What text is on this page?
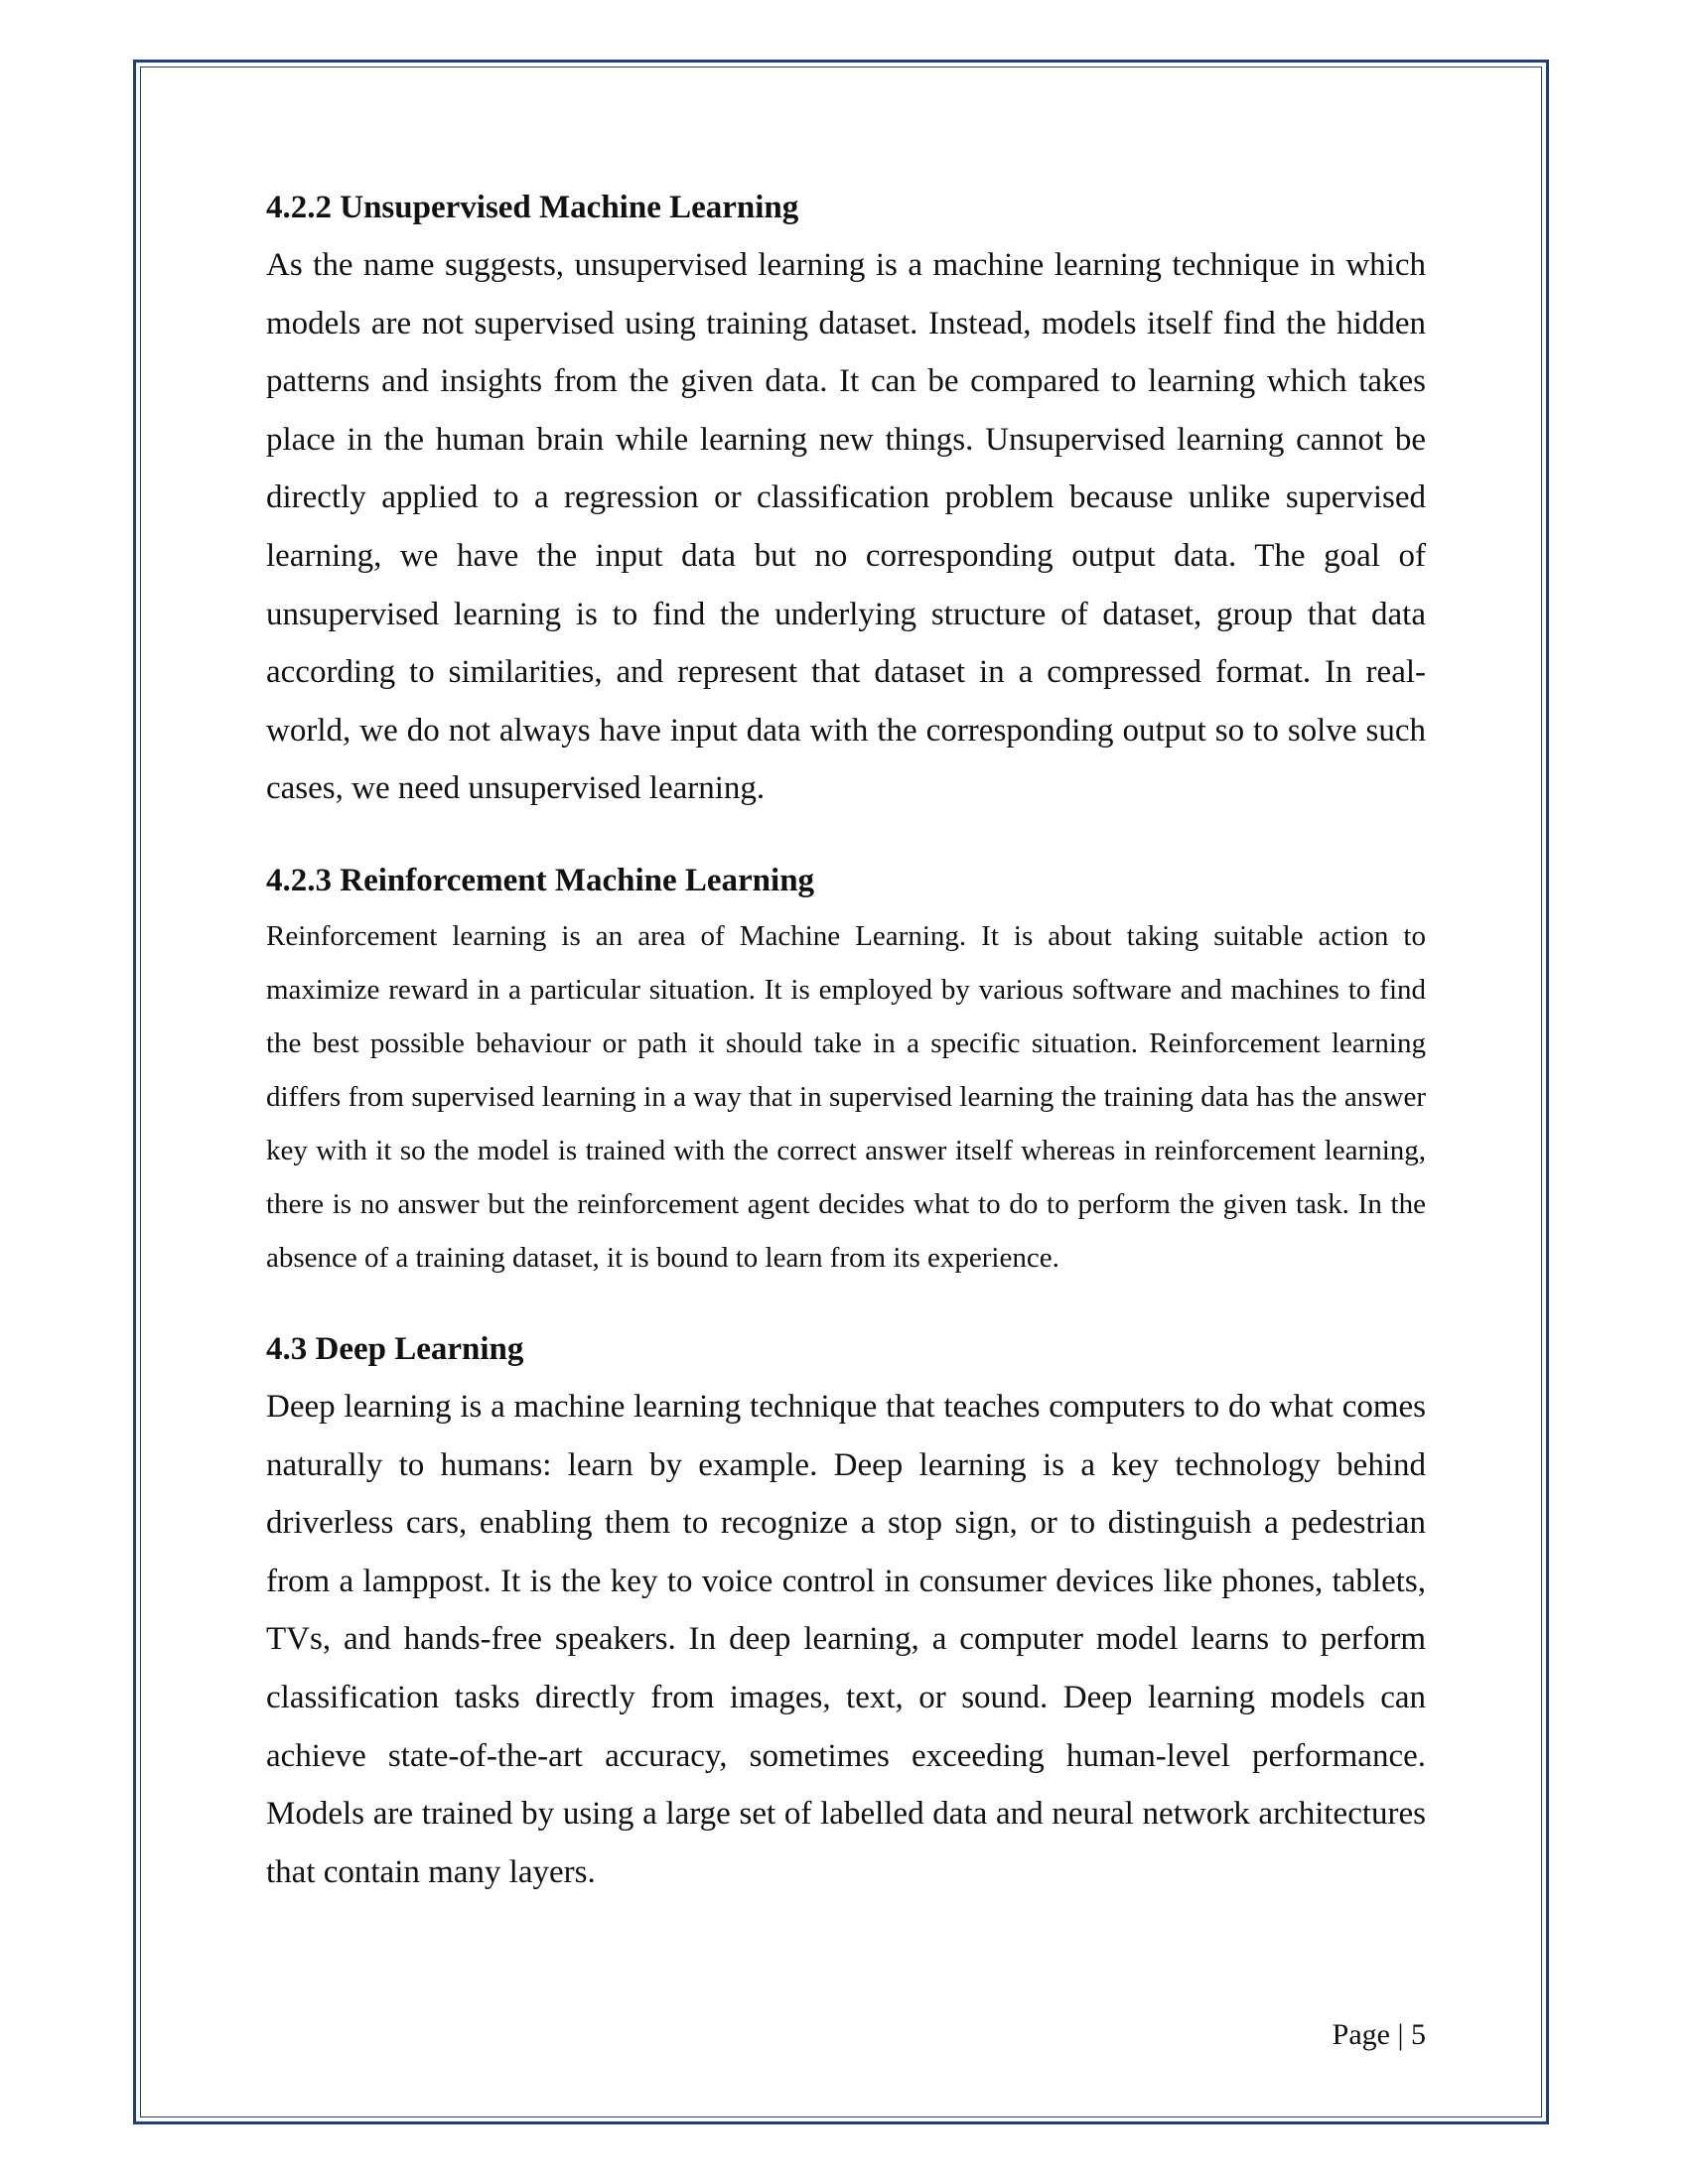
4.2.2 Unsupervised Machine Learning

As the name suggests, unsupervised learning is a machine learning technique in which models are not supervised using training dataset. Instead, models itself find the hidden patterns and insights from the given data. It can be compared to learning which takes place in the human brain while learning new things. Unsupervised learning cannot be directly applied to a regression or classification problem because unlike supervised learning, we have the input data but no corresponding output data. The goal of unsupervised learning is to find the underlying structure of dataset, group that data according to similarities, and represent that dataset in a compressed format. In real-world, we do not always have input data with the corresponding output so to solve such cases, we need unsupervised learning.

4.2.3 Reinforcement Machine Learning

Reinforcement learning is an area of Machine Learning. It is about taking suitable action to maximize reward in a particular situation. It is employed by various software and machines to find the best possible behaviour or path it should take in a specific situation. Reinforcement learning differs from supervised learning in a way that in supervised learning the training data has the answer key with it so the model is trained with the correct answer itself whereas in reinforcement learning, there is no answer but the reinforcement agent decides what to do to perform the given task. In the absence of a training dataset, it is bound to learn from its experience.

4.3 Deep Learning

Deep learning is a machine learning technique that teaches computers to do what comes naturally to humans: learn by example. Deep learning is a key technology behind driverless cars, enabling them to recognize a stop sign, or to distinguish a pedestrian from a lamppost. It is the key to voice control in consumer devices like phones, tablets, TVs, and hands-free speakers. In deep learning, a computer model learns to perform classification tasks directly from images, text, or sound. Deep learning models can achieve state-of-the-art accuracy, sometimes exceeding human-level performance. Models are trained by using a large set of labelled data and neural network architectures that contain many layers.

Page | 5
